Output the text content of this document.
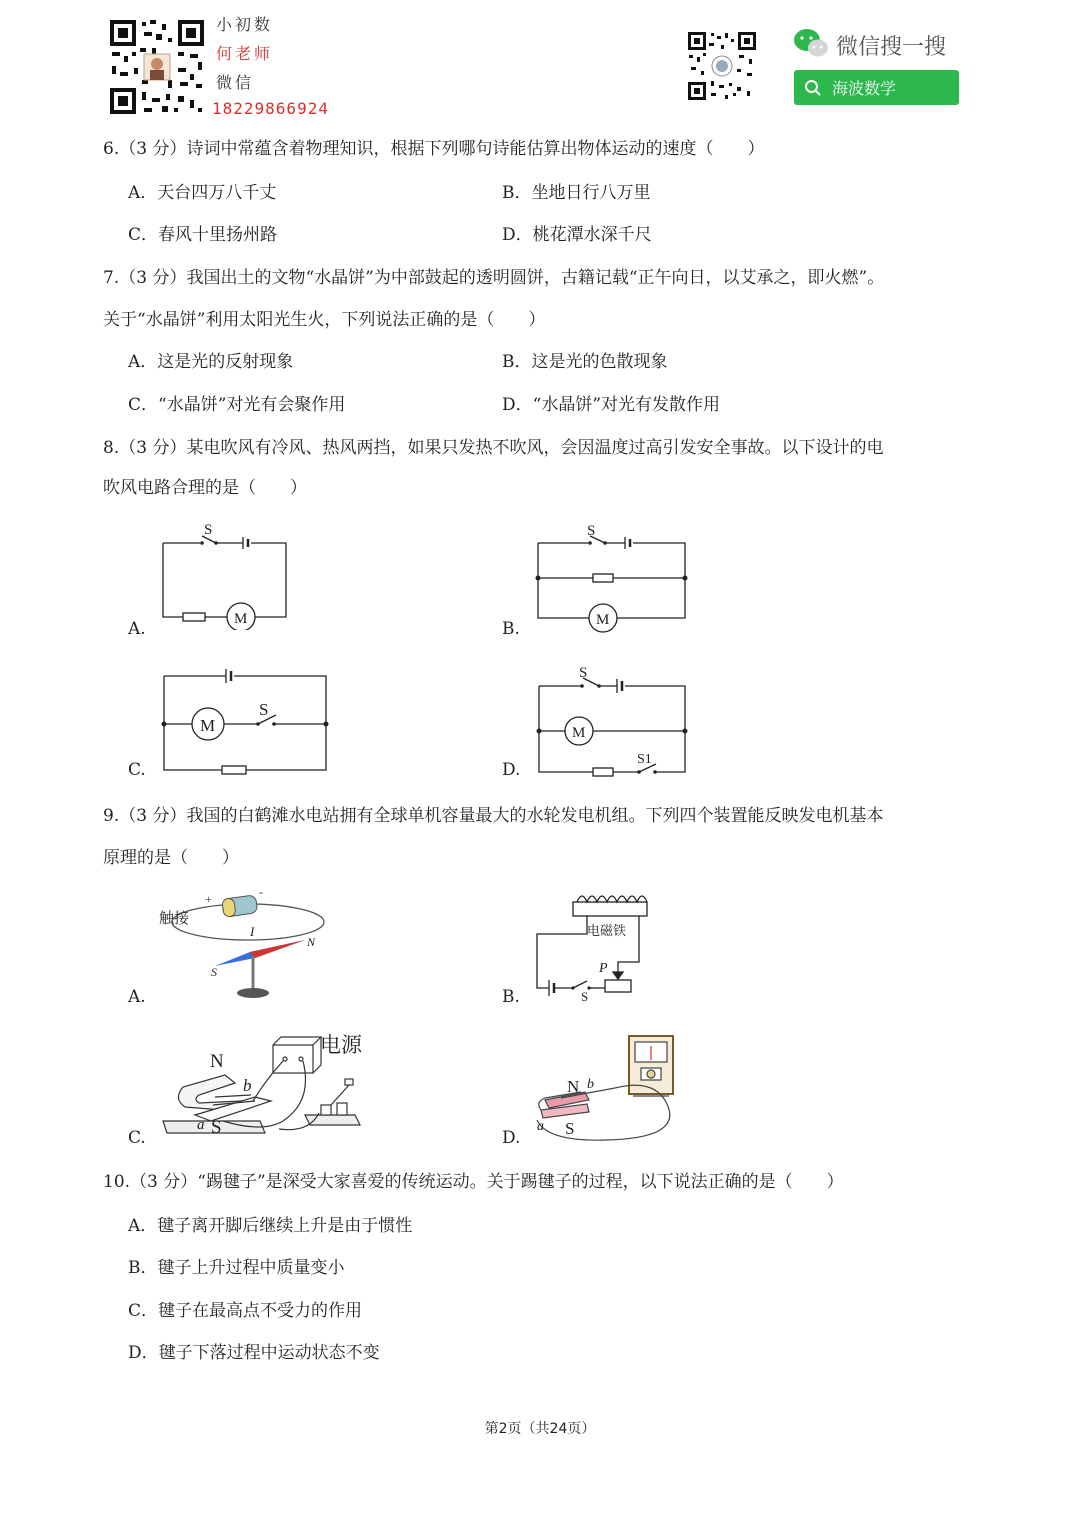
小初数
何老师
微信
18229866924
微信搜一搜
海波数学
6.（3 分）诗词中常蕴含着物理知识，根据下列哪句诗能估算出物体运动的速度（　　）
A．天台四万八千丈	B．坐地日行八万里
C．春风十里扬州路	D．桃花潭水深千尺
7.（3 分）我国出土的文物“水晶饼”为中部鼓起的透明圆饼，古籍记载“正午向日，以艾承之，即火燃”。
关于“水晶饼”利用太阳光生火，下列说法正确的是（　　）
A．这是光的反射现象	B．这是光的色散现象
C．“水晶饼”对光有会聚作用	D．“水晶饼”对光有发散作用
8.（3 分）某电吹风有冷风、热风两挡，如果只发热不吹风，会因温度过高引发安全事故。以下设计的电
吹风电路合理的是（　　）
S
M
A.
S
M
B.
S
M
C.
S
M
S1
D.
9.（3 分）我国的白鹤滩水电站拥有全球单机容量最大的水轮发电机组。下列四个装置能反映发电机基本
原理的是（　　）
+	-
触接
I
N
S
A.
电磁铁
P
S
B.
电源
N
b
a S
C.
N b
a S
D.
10.（3 分）“踢毽子”是深受大家喜爱的传统运动。关于踢毽子的过程，以下说法正确的是（　　）
A．毽子离开脚后继续上升是由于惯性
B．毽子上升过程中质量变小
C．毽子在最高点不受力的作用
D．毽子下落过程中运动状态不变
第2页（共24页）
